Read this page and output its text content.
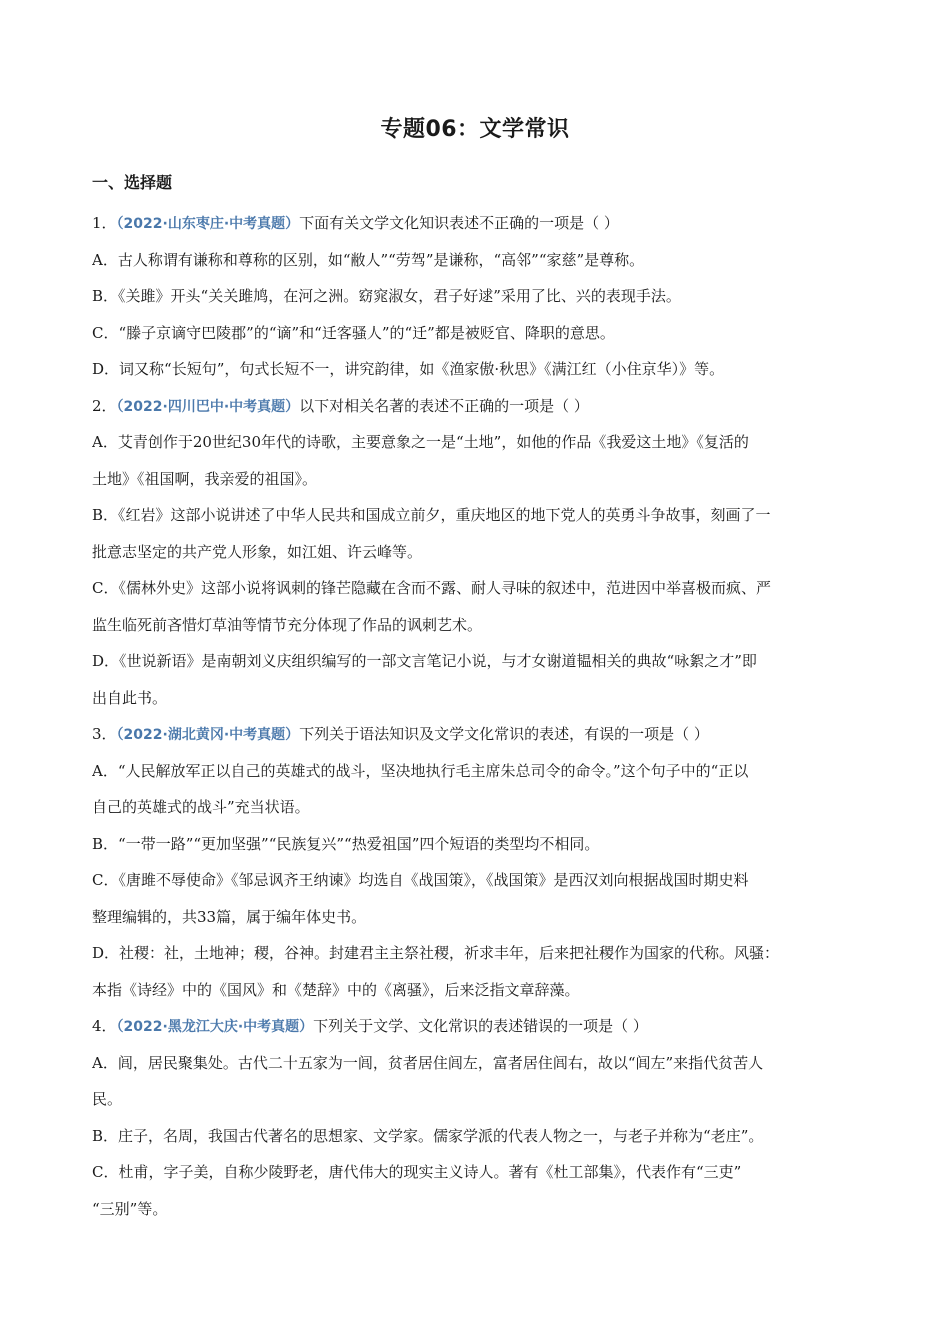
专题06：文学常识
一、选择题
1．（2022·山东枣庄·中考真题）下面有关文学文化知识表述不正确的一项是（ ）
A．古人称谓有谦称和尊称的区别，如“敝人”“劳驾”是谦称，“高邻”“家慈”是尊称。
B．《关雎》开头“关关雎鸠，在河之洲。窈窕淑女，君子好逑”采用了比、兴的表现手法。
C．“滕子京谪守巴陵郡”的“谪”和“迁客骚人”的“迁”都是被贬官、降职的意思。
D．词又称“长短句”，句式长短不一，讲究韵律，如《渔家傲·秋思》《满江红（小住京华）》等。
2．（2022·四川巴中·中考真题）以下对相关名著的表述不正确的一项是（ ）
A．艾青创作于20世纪30年代的诗歌，主要意象之一是“土地”，如他的作品《我爱这土地》《复活的
土地》《祖国啊，我亲爱的祖国》。
B．《红岩》这部小说讲述了中华人民共和国成立前夕，重庆地区的地下党人的英勇斗争故事，刻画了一
批意志坚定的共产党人形象，如江姐、许云峰等。
C．《儒林外史》这部小说将讽刺的锋芒隐藏在含而不露、耐人寻味的叙述中，范进因中举喜极而疯、严
监生临死前吝惜灯草油等情节充分体现了作品的讽刺艺术。
D．《世说新语》是南朝刘义庆组织编写的一部文言笔记小说，与才女谢道韫相关的典故“咏絮之才”即
出自此书。
3．（2022·湖北黄冈·中考真题）下列关于语法知识及文学文化常识的表述，有误的一项是（ ）
A．“人民解放军正以自己的英雄式的战斗，坚决地执行毛主席朱总司令的命令。”这个句子中的“正以
自己的英雄式的战斗”充当状语。
B．“一带一路”“更加坚强”“民族复兴”“热爱祖国”四个短语的类型均不相同。
C．《唐雎不辱使命》《邹忌讽齐王纳谏》均选自《战国策》，《战国策》是西汉刘向根据战国时期史料
整理编辑的，共33篇，属于编年体史书。
D．社稷：社，土地神；稷，谷神。封建君主主祭社稷，祈求丰年，后来把社稷作为国家的代称。风骚：
本指《诗经》中的《国风》和《楚辞》中的《离骚》，后来泛指文章辞藻。
4．（2022·黑龙江大庆·中考真题）下列关于文学、文化常识的表述错误的一项是（ ）
A．闾，居民聚集处。古代二十五家为一闾，贫者居住闾左，富者居住闾右，故以“闾左”来指代贫苦人
民。
B．庄子，名周，我国古代著名的思想家、文学家。儒家学派的代表人物之一，与老子并称为“老庄”。
C．杜甫，字子美，自称少陵野老，唐代伟大的现实主义诗人。著有《杜工部集》，代表作有“三吏”
“三别”等。
